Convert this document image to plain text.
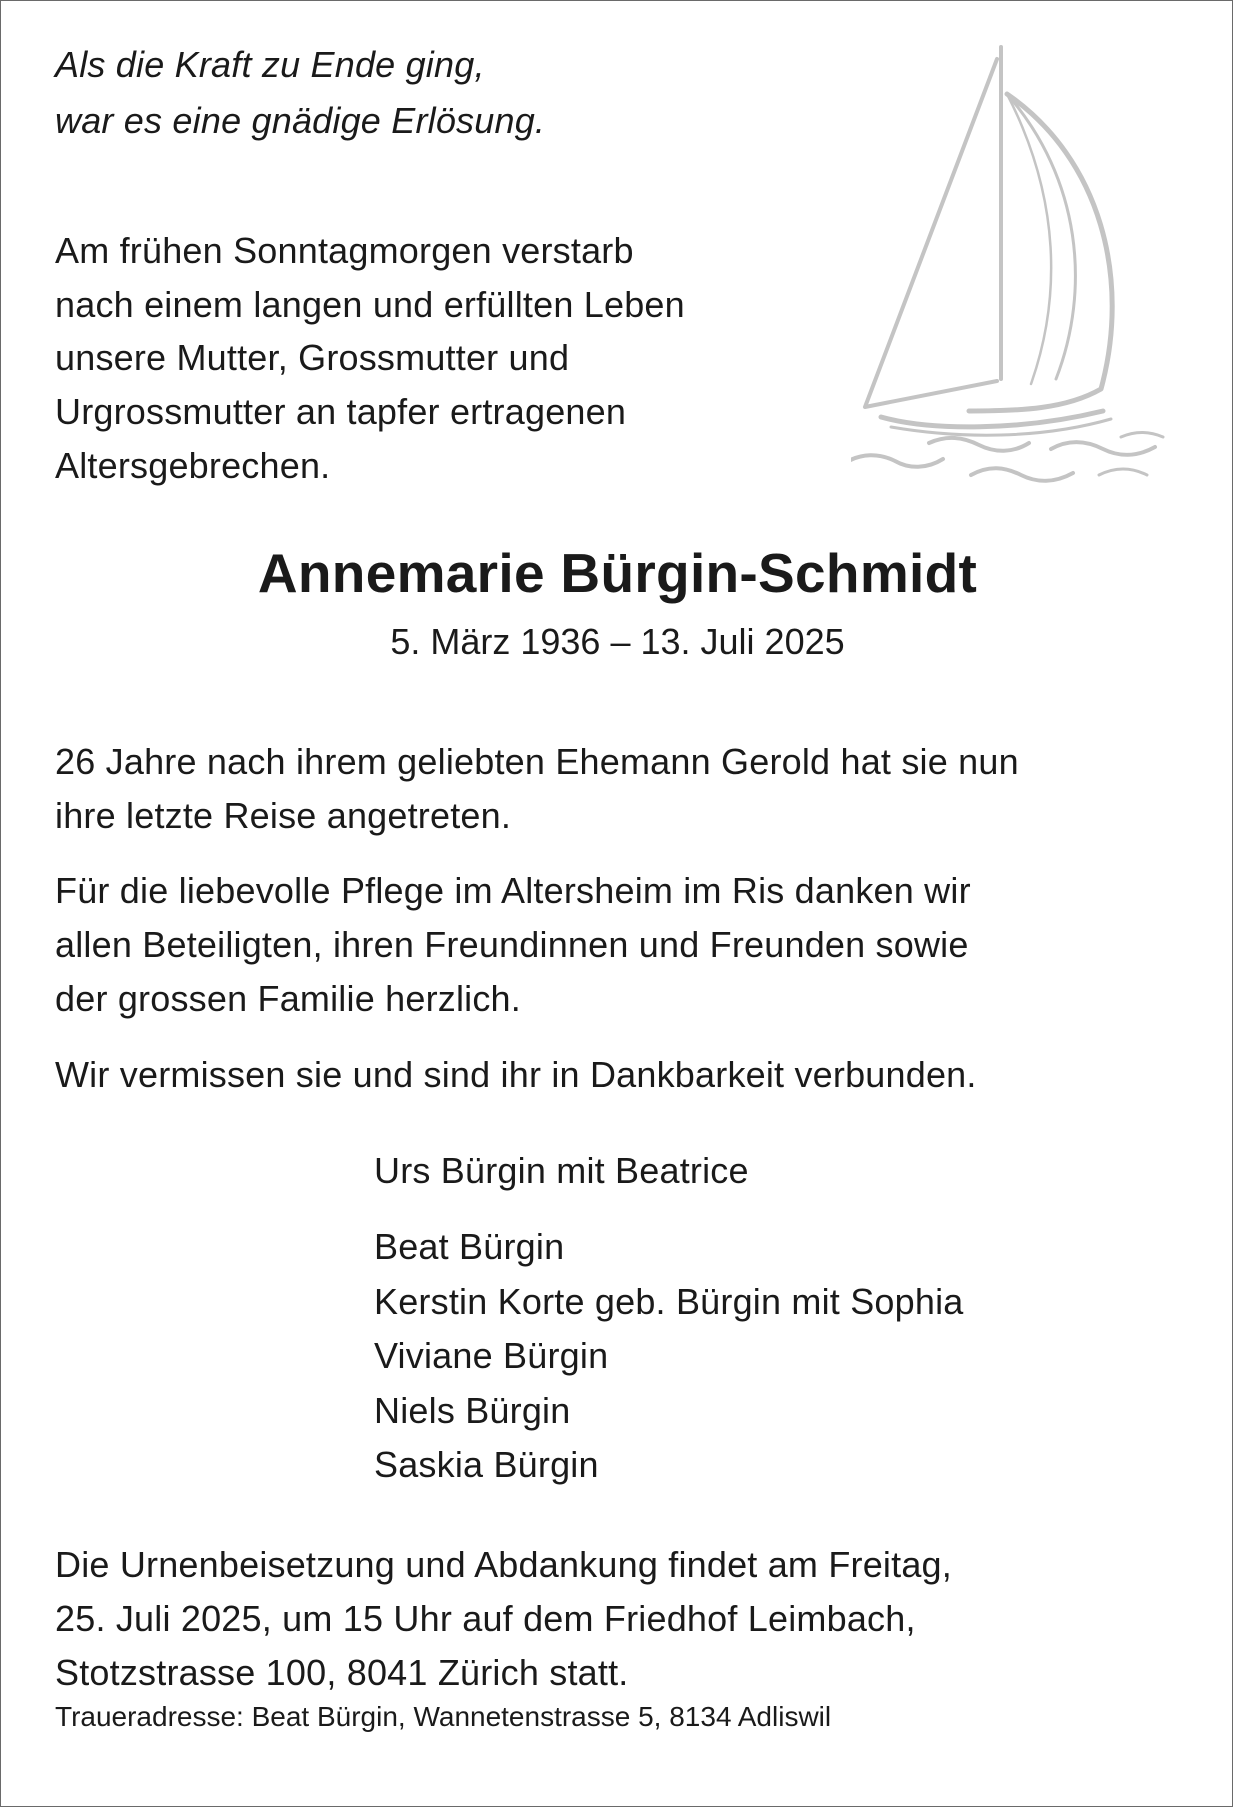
Als die Kraft zu Ende ging,
war es eine gnädige Erlösung.
Am frühen Sonntagmorgen verstarb
nach einem langen und erfüllten Leben
unsere Mutter, Grossmutter und
Urgrossmutter an tapfer ertragenen
Altersgebrechen.
Annemarie Bürgin-Schmidt
5. März 1936 – 13. Juli 2025
26 Jahre nach ihrem geliebten Ehemann Gerold hat sie nun
ihre letzte Reise angetreten.
Für die liebevolle Pflege im Altersheim im Ris danken wir
allen Beteiligten, ihren Freundinnen und Freunden sowie
der grossen Familie herzlich.
Wir vermissen sie und sind ihr in Dankbarkeit verbunden.
Urs Bürgin mit Beatrice
Beat Bürgin
Kerstin Korte geb. Bürgin mit Sophia
Viviane Bürgin
Niels Bürgin
Saskia Bürgin
Die Urnenbeisetzung und Abdankung findet am Freitag,
25. Juli 2025, um 15 Uhr auf dem Friedhof Leimbach,
Stotzstrasse 100, 8041 Zürich statt.
Traueradresse: Beat Bürgin, Wannetenstrasse 5, 8134 Adliswil
